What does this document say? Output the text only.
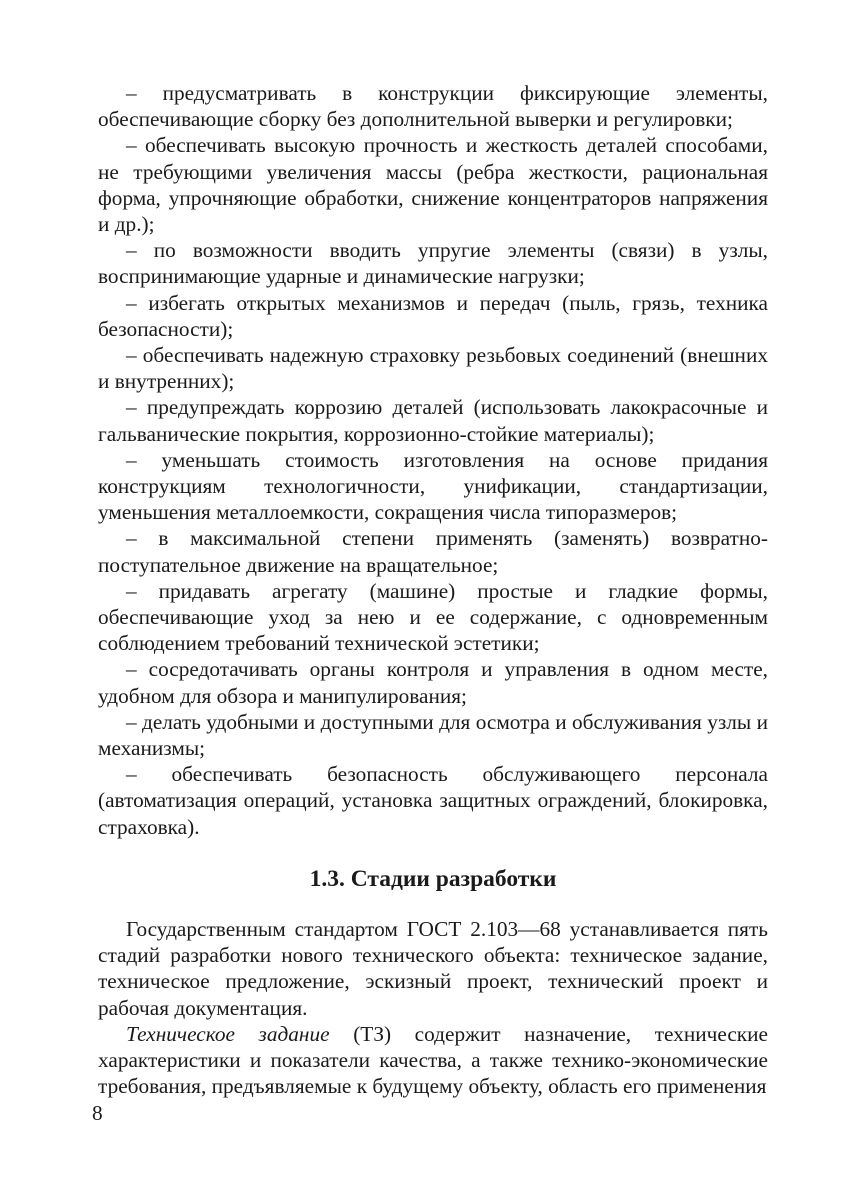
– предусматривать в конструкции фиксирующие элементы, обеспечивающие сборку без дополнительной выверки и регулировки;

– обеспечивать высокую прочность и жесткость деталей способами, не требующими увеличения массы (ребра жесткости, рациональная форма, упрочняющие обработки, снижение концентраторов напряжения и др.);

– по возможности вводить упругие элементы (связи) в узлы, воспринимающие ударные и динамические нагрузки;

– избегать открытых механизмов и передач (пыль, грязь, техника безопасности);

– обеспечивать надежную страховку резьбовых соединений (внешних и внутренних);

– предупреждать коррозию деталей (использовать лакокрасочные и гальванические покрытия, коррозионно-стойкие материалы);

– уменьшать стоимость изготовления на основе придания конструкциям технологичности, унификации, стандартизации, уменьшения металлоемкости, сокращения числа типоразмеров;

– в максимальной степени применять (заменять) возвратно-поступательное движение на вращательное;

– придавать агрегату (машине) простые и гладкие формы, обеспечивающие уход за нею и ее содержание, с одновременным соблюдением требований технической эстетики;

– сосредотачивать органы контроля и управления в одном месте, удобном для обзора и манипулирования;

– делать удобными и доступными для осмотра и обслуживания узлы и механизмы;

– обеспечивать безопасность обслуживающего персонала (автоматизация операций, установка защитных ограждений, блокировка, страховка).

1.3. Стадии разработки

Государственным стандартом ГОСТ 2.103—68 устанавливается пять стадий разработки нового технического объекта: техническое задание, техническое предложение, эскизный проект, технический проект и рабочая документация.

Техническое задание (ТЗ) содержит назначение, технические характеристики и показатели качества, а также технико-экономические требования, предъявляемые к будущему объекту, область его применения

8
